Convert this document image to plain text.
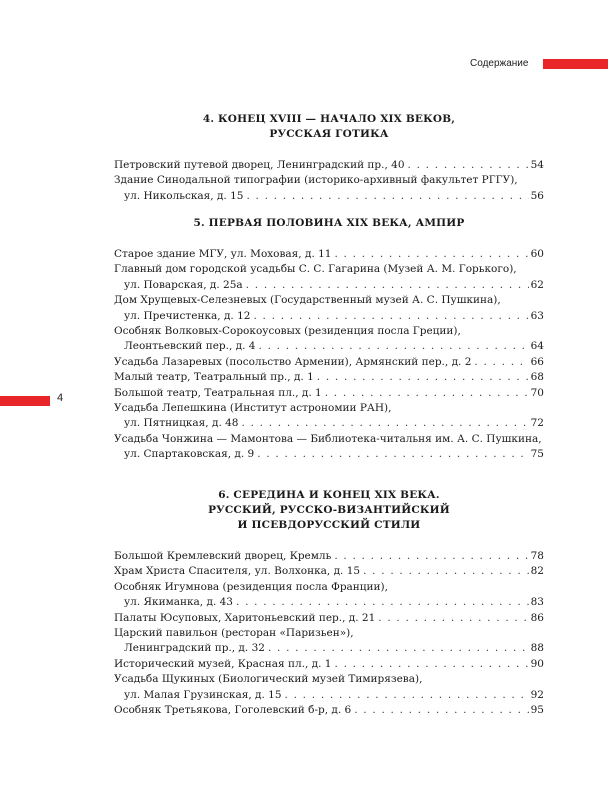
Содержание
4
4. КОНЕЦ XVIII — НАЧАЛО XIX ВЕКОВ,
РУССКАЯ ГОТИКА
Петровский путевой дворец, Ленинградский пр., 40 . . .	54
Здание Синодальной типографии (историко-архивный факультет РГГУ),
ул. Никольская, д. 15 . . .	56
5. ПЕРВАЯ ПОЛОВИНА XIX ВЕКА, АМПИР
Старое здание МГУ, ул. Моховая, д. 11 . . .	60
Главный дом городской усадьбы С. С. Гагарина (Музей А. М. Горького),
ул. Поварская, д. 25а . . .	62
Дом Хрущевых-Селезневых (Государственный музей А. С. Пушкина),
ул. Пречистенка, д. 12 . . .	63
Особняк Волковых-Сорокоусовых (резиденция посла Греции),
Леонтьевский пер., д. 4 . . .	64
Усадьба Лазаревых (посольство Армении), Армянский пер., д. 2 . . .	66
Малый театр, Театральный пр., д. 1 . . .	68
Большой театр, Театральная пл., д. 1 . . .	70
Усадьба Лепешкина (Институт астрономии РАН),
ул. Пятницкая, д. 48 . . .	72
Усадьба Чонжина — Мамонтова — Библиотека-читальня им. А. С. Пушкина,
ул. Спартаковская, д. 9 . . .	75
6. СЕРЕДИНА И КОНЕЦ XIX ВЕКА.
РУССКИЙ, РУССКО-ВИЗАНТИЙСКИЙ
И ПСЕВДОРУССКИЙ СТИЛИ
Большой Кремлевский дворец, Кремль . . .	78
Храм Христа Спасителя, ул. Волхонка, д. 15 . . .	82
Особняк Игумнова (резиденция посла Франции),
ул. Якиманка, д. 43 . . .	83
Палаты Юсуповых, Харитоньевский пер., д. 21 . . .	86
Царский павильон (ресторан «Паризьен»),
Ленинградский пр., д. 32 . . .	88
Исторический музей, Красная пл., д. 1 . . .	90
Усадьба Щукиных (Биологический музей Тимирязева),
ул. Малая Грузинская, д. 15 . . .	92
Особняк Третьякова, Гоголевский б-р, д. 6 . . .	95
